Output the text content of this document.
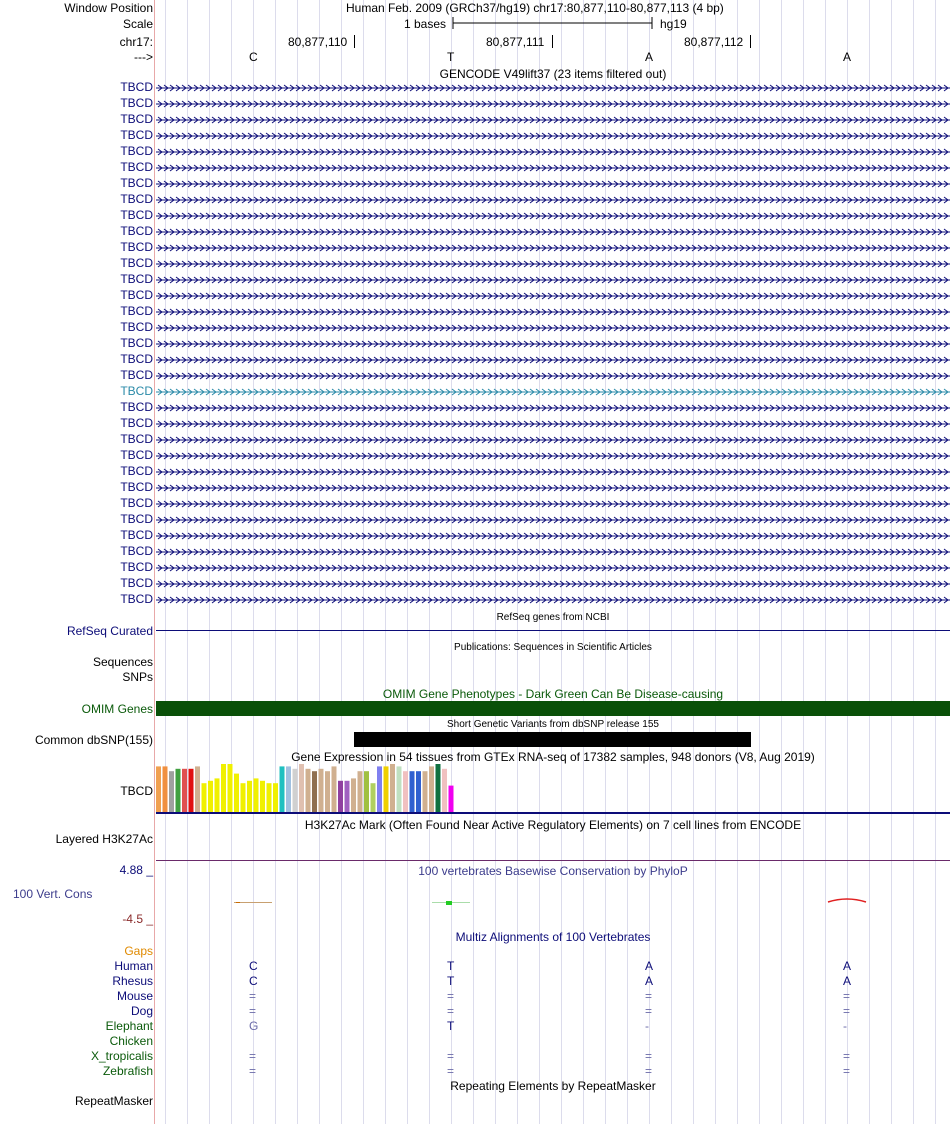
Window Position	Human Feb. 2009 (GRCh37/hg19) chr17:80,877,110-80,877,113 (4 bp)
Scale	1 bases	hg19
chr17:	80,877,110	80,877,111	80,877,112
--->	C	T	A	A
GENCODE V49lift37 (23 items filtered out)
TBCD
TBCD
TBCD
TBCD
TBCD
TBCD
TBCD
TBCD
TBCD
TBCD
TBCD
TBCD
TBCD
TBCD
TBCD
TBCD
TBCD
TBCD
TBCD
TBCD
TBCD
TBCD
TBCD
TBCD
TBCD
TBCD
TBCD
TBCD
TBCD
TBCD
TBCD
TBCD
TBCD
RefSeq genes from NCBI
RefSeq Curated
Publications: Sequences in Scientific Articles
Sequences
SNPs
OMIM Gene Phenotypes - Dark Green Can Be Disease-causing
OMIM Genes
Short Genetic Variants from dbSNP release 155
Common dbSNP(155)
Gene Expression in 54 tissues from GTEx RNA-seq of 17382 samples, 948 donors (V8, Aug 2019)
TBCD
H3K27Ac Mark (Often Found Near Active Regulatory Elements) on 7 cell lines from ENCODE
Layered H3K27Ac
4.88 _	100 vertebrates Basewise Conservation by PhyloP
100 Vert. Cons
-4.5 _
Multiz Alignments of 100 Vertebrates
Gaps
Human	C	T	A	A
Rhesus	C	T	A	A
Mouse	=	=	=	=
Dog	=	=	=	=
Elephant	G	T	-	-
Chicken
X_tropicalis	=	=	=	=
Zebrafish	=	=	=	=
Repeating Elements by RepeatMasker
RepeatMasker
